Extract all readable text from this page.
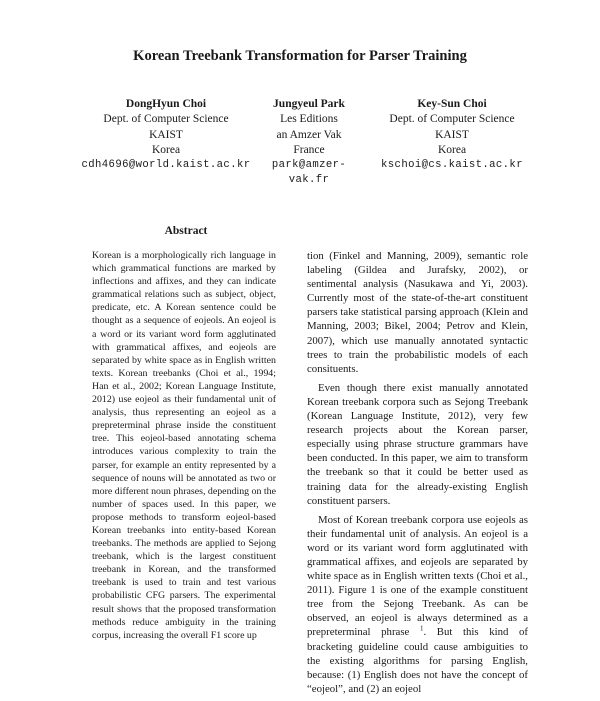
Korean Treebank Transformation for Parser Training
DongHyun Choi
Dept. of Computer Science
KAIST
Korea
cdh4696@world.kaist.ac.kr
Jungyeul Park
Les Editions
an Amzer Vak
France
park@amzer-vak.fr
Key-Sun Choi
Dept. of Computer Science
KAIST
Korea
kschoi@cs.kaist.ac.kr
Abstract

Korean is a morphologically rich language in which grammatical functions are marked by inflections and affixes, and they can indicate grammatical relations such as subject, object, predicate, etc. A Korean sentence could be thought as a sequence of eojeols. An eojeol is a word or its variant word form agglutinated with grammatical affixes, and eojeols are separated by white space as in English written texts. Korean treebanks (Choi et al., 1994; Han et al., 2002; Korean Language Institute, 2012) use eojeol as their fundamental unit of analysis, thus representing an eojeol as a prepreterminal phrase inside the constituent tree. This eojeol-based annotating schema introduces various complexity to train the parser, for example an entity represented by a sequence of nouns will be annotated as two or more different noun phrases, depending on the number of spaces used. In this paper, we propose methods to transform eojeol-based Korean treebanks into entity-based Korean treebanks. The methods are applied to Sejong treebank, which is the largest constituent treebank in Korean, and the transformed treebank is used to train and test various probabilistic CFG parsers. The experimental result shows that the proposed transformation methods reduce ambiguity in the training corpus, increasing the overall F1 score up

tion (Finkel and Manning, 2009), semantic role labeling (Gildea and Jurafsky, 2002), or sentimental analysis (Nasukawa and Yi, 2003). Currently most of the state-of-the-art constituent parsers take statistical parsing approach (Klein and Manning, 2003; Bikel, 2004; Petrov and Klein, 2007), which use manually annotated syntactic trees to train the probabilistic models of each consituents.

Even though there exist manually annotated Korean treebank corpora such as Sejong Treebank (Korean Language Institute, 2012), very few research projects about the Korean parser, especially using phrase structure grammars have been conducted. In this paper, we aim to transform the treebank so that it could be better used as training data for the already-existing English constituent parsers.

Most of Korean treebank corpora use eojeols as their fundamental unit of analysis. An eojeol is a word or its variant word form agglutinated with grammatical affixes, and eojeols are separated by white space as in English written texts (Choi et al., 2011). Figure 1 is one of the example constituent tree from the Sejong Treebank. As can be observed, an eojeol is always determined as a prepreterminal phrase $^1$. But this kind of bracketing guideline could cause ambiguities to the existing algorithms for parsing English, because: (1) English does not have the concept of “eojeol”, and (2) an eojeol
